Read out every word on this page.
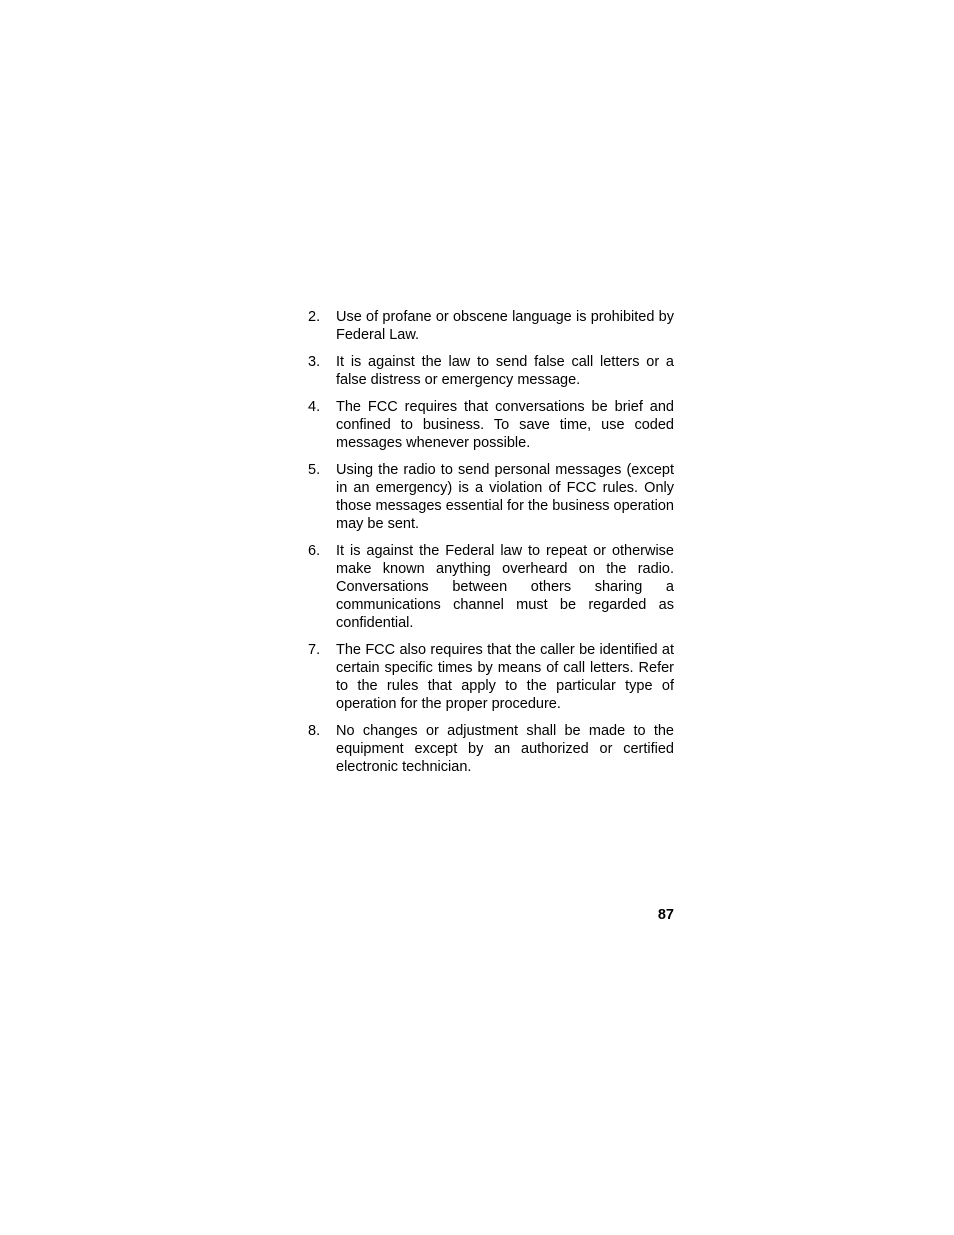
2.	Use of profane or obscene language is prohibited by Federal Law.
3.	It is against the law to send false call letters or a false distress or emergency message.
4.	The FCC requires that conversations be brief and confined to business. To save time, use coded messages whenever possible.
5.	Using the radio to send personal messages (except in an emergency) is a violation of FCC rules. Only those messages essential for the business operation may be sent.
6.	It is against the Federal law to repeat or otherwise make known anything overheard on the radio. Conversations between others sharing a communications channel must be regarded as confidential.
7.	The FCC also requires that the caller be identified at certain specific times by means of call letters. Refer to the rules that apply to the particular type of operation for the proper procedure.
8.	No changes or adjustment shall be made to the equipment except by an authorized or certified electronic technician.
87
